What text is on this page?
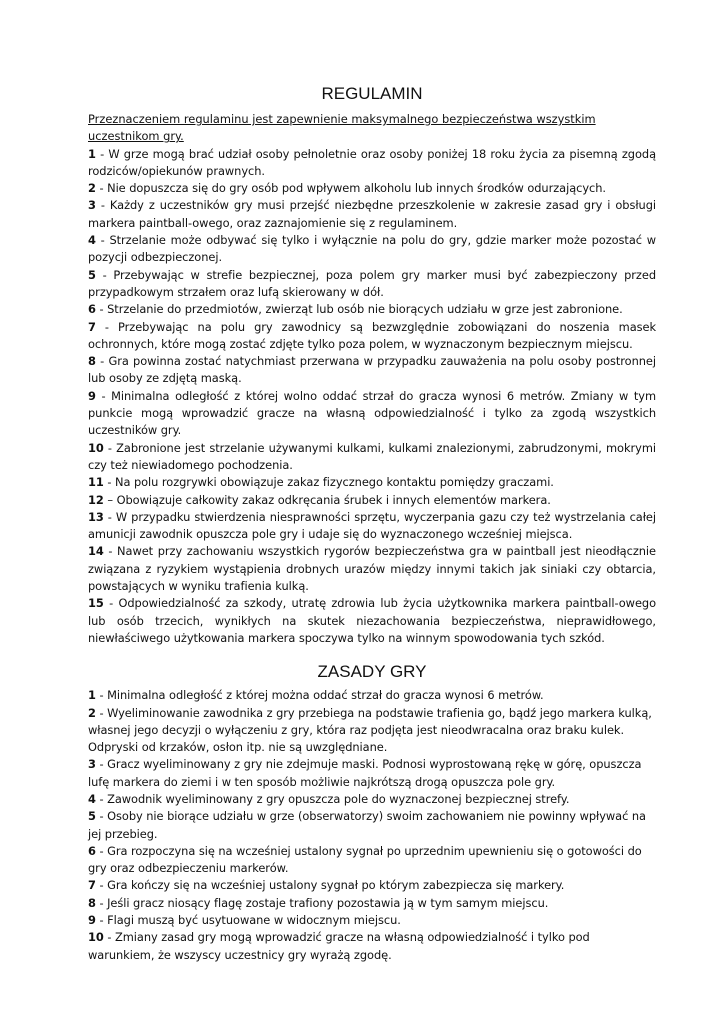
REGULAMIN

Przeznaczeniem regulaminu jest zapewnienie maksymalnego bezpieczeństwa wszystkim uczestnikom gry.

1 - W grze mogą brać udział osoby pełnoletnie oraz osoby poniżej 18 roku życia za pisemną zgodą rodziców/opiekunów prawnych.
2 - Nie dopuszcza się do gry osób pod wpływem alkoholu lub innych środków odurzających.
3 - Każdy z uczestników gry musi przejść niezbędne przeszkolenie w zakresie zasad gry i obsługi markera paintball-owego, oraz zaznajomienie się z regulaminem.
4 - Strzelanie może odbywać się tylko i wyłącznie na polu do gry, gdzie marker może pozostać w pozycji odbezpieczonej.
5 - Przebywając w strefie bezpiecznej, poza polem gry marker musi być zabezpieczony przed przypadkowym strzałem oraz lufą skierowany w dół.
6 - Strzelanie do przedmiotów, zwierząt lub osób nie biorących udziału w grze jest zabronione.
7 - Przebywając na polu gry zawodnicy są bezwzględnie zobowiązani do noszenia masek ochronnych, które mogą zostać zdjęte tylko poza polem, w wyznaczonym bezpiecznym miejscu.
8 - Gra powinna zostać natychmiast przerwana w przypadku zauważenia na polu osoby postronnej lub osoby ze zdjętą maską.
9 - Minimalna odległość z której wolno oddać strzał do gracza wynosi 6 metrów. Zmiany w tym punkcie mogą wprowadzić gracze na własną odpowiedzialność i tylko za zgodą wszystkich uczestników gry.
10 - Zabronione jest strzelanie używanymi kulkami, kulkami znalezionymi, zabrudzonymi, mokrymi czy też niewiadomego pochodzenia.
11 - Na polu rozgrywki obowiązuje zakaz fizycznego kontaktu pomiędzy graczami.
12 – Obowiązuje całkowity zakaz odkręcania śrubek i innych elementów markera.
13 - W przypadku stwierdzenia niesprawności sprzętu, wyczerpania gazu czy też wystrzelania całej amunicji zawodnik opuszcza pole gry i udaje się do wyznaczonego wcześniej miejsca.
14 - Nawet przy zachowaniu wszystkich rygorów bezpieczeństwa gra w paintball jest nieodłącznie związana z ryzykiem wystąpienia drobnych urazów między innymi takich jak siniaki czy obtarcia, powstających w wyniku trafienia kulką.
15 - Odpowiedzialność za szkody, utratę zdrowia lub życia użytkownika markera paintball-owego lub osób trzecich, wynikłych na skutek niezachowania bezpieczeństwa, nieprawidłowego, niewłaściwego użytkowania markera spoczywa tylko na winnym spowodowania tych szkód.
ZASADY GRY
1 - Minimalna odległość z której można oddać strzał do gracza wynosi 6 metrów.
2 - Wyeliminowanie zawodnika z gry przebiega na podstawie trafienia go, bądź jego markera kulką, własnej jego decyzji o wyłączeniu z gry, która raz podjęta jest nieodwracalna oraz braku kulek. Odpryski od krzaków, osłon itp. nie są uwzględniane.
3 - Gracz wyeliminowany z gry nie zdejmuje maski. Podnosi wyprostowaną rękę w górę, opuszcza lufę markera do ziemi i w ten sposób możliwie najkrótszą drogą opuszcza pole gry.
4 - Zawodnik wyeliminowany z gry opuszcza pole do wyznaczonej bezpiecznej strefy.
5 - Osoby nie biorące udziału w grze (obserwatorzy) swoim zachowaniem nie powinny wpływać na jej przebieg.
6 - Gra rozpoczyna się na wcześniej ustalony sygnał po uprzednim upewnieniu się o gotowości do gry oraz odbezpieczeniu markerów.
7 - Gra kończy się na wcześniej ustalony sygnał po którym zabezpiecza się markery.
8 - Jeśli gracz niosący flagę zostaje trafiony pozostawia ją w tym samym miejscu.
9 - Flagi muszą być usytuowane w widocznym miejscu.
10 - Zmiany zasad gry mogą wprowadzić gracze na własną odpowiedzialność i tylko pod warunkiem, że wszyscy uczestnicy gry wyrażą zgodę.
